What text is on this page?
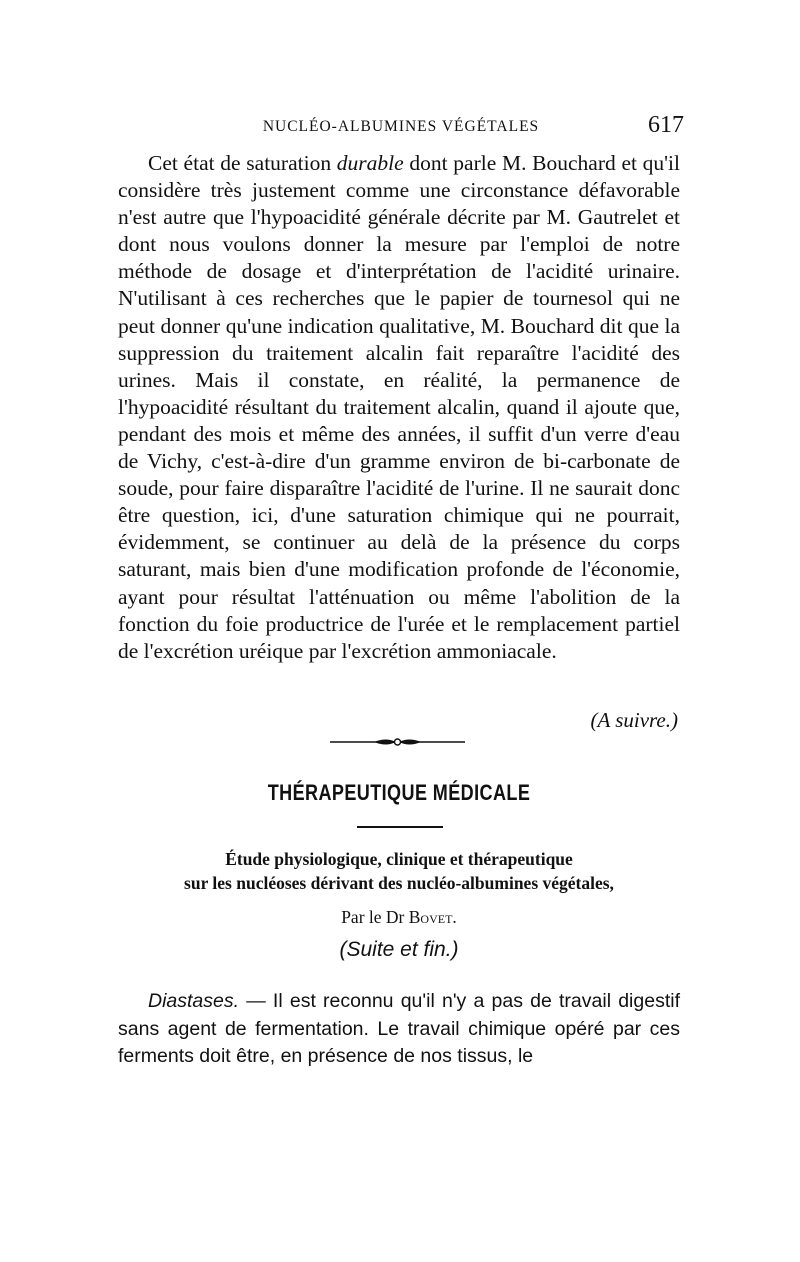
NUCLÉO-ALBUMINES VÉGÉTALES	617

Cet état de saturation durable dont parle M. Bouchard et qu'il considère très justement comme une circonstance défavorable n'est autre que l'hypoacidité générale décrite par M. Gautrelet et dont nous voulons donner la mesure par l'emploi de notre méthode de dosage et d'interprétation de l'acidité urinaire. N'utilisant à ces recherches que le papier de tournesol qui ne peut donner qu'une indication qualitative, M. Bouchard dit que la suppression du traitement alcalin fait reparaître l'acidité des urines. Mais il constate, en réalité, la permanence de l'hypoacidité résultant du traitement alcalin, quand il ajoute que, pendant des mois et même des années, il suffit d'un verre d'eau de Vichy, c'est-à-dire d'un gramme environ de bi-carbonate de soude, pour faire disparaître l'acidité de l'urine. Il ne saurait donc être question, ici, d'une saturation chimique qui ne pourrait, évidemment, se continuer au delà de la présence du corps saturant, mais bien d'une modification profonde de l'économie, ayant pour résultat l'atténuation ou même l'abolition de la fonction du foie productrice de l'urée et le remplacement partiel de l'excrétion uréique par l'excrétion ammoniacale.

(A suivre.)
THÉRAPEUTIQUE MÉDICALE
Étude physiologique, clinique et thérapeutique
sur les nucléoses dérivant des nucléo-albumines végétales,
Par le Dr Bovet.
(Suite et fin.)

Diastases. — Il est reconnu qu'il n'y a pas de travail digestif sans agent de fermentation. Le travail chimique opéré par ces ferments doit être, en présence de nos tissus, le
